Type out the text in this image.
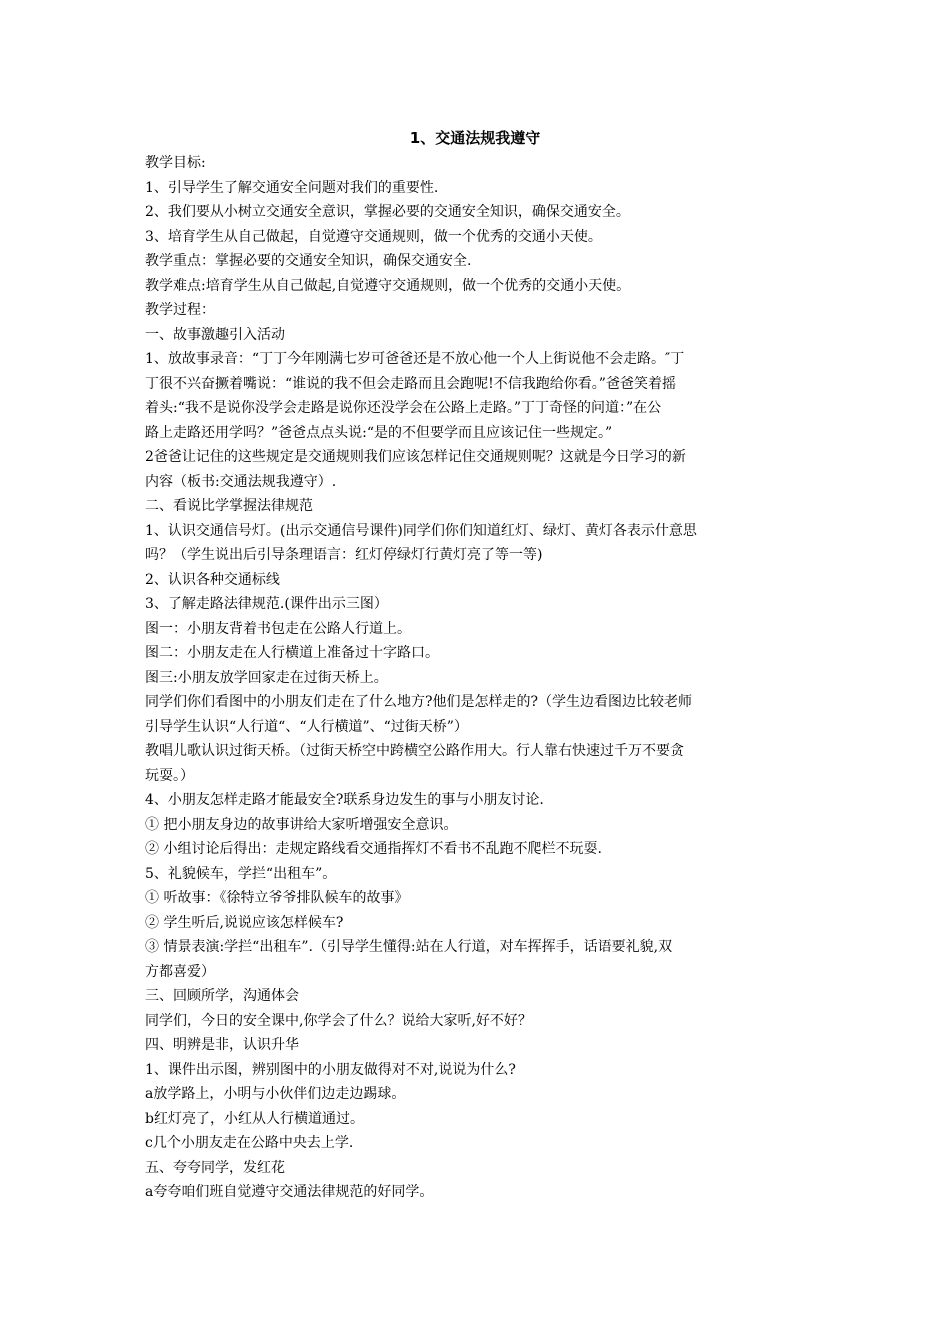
1、交通法规我遵守

教学目标:

1、引导学生了解交通安全问题对我们的重要性.

2、我们要从小树立交通安全意识，掌握必要的交通安全知识，确保交通安全。

3、培育学生从自己做起，自觉遵守交通规则，做一个优秀的交通小天使。

教学重点：掌握必要的交通安全知识，确保交通安全.

教学难点:培育学生从自己做起,自觉遵守交通规则，做一个优秀的交通小天使。

教学过程：

一、故事激趣引入活动

1、放故事录音：“丁丁今年刚满七岁可爸爸还是不放心他一个人上街说他不会走路。″丁

丁很不兴奋撅着嘴说：“谁说的我不但会走路而且会跑呢!不信我跑给你看。”爸爸笑着摇

着头:“我不是说你没学会走路是说你还没学会在公路上走路。”丁丁奇怪的问道：”在公

路上走路还用学吗？”爸爸点点头说:“是的不但要学而且应该记住一些规定。”

2爸爸让记住的这些规定是交通规则我们应该怎样记住交通规则呢？这就是今日学习的新

内容（板书:交通法规我遵守）.

二、看说比学掌握法律规范

1、认识交通信号灯。(出示交通信号课件)同学们你们知道红灯、绿灯、黄灯各表示什意思

吗？（学生说出后引导条理语言：红灯停绿灯行黄灯亮了等一等)

2、认识各种交通标线

3、了解走路法律规范.(课件出示三图）

图一：小朋友背着书包走在公路人行道上。

图二：小朋友走在人行横道上准备过十字路口。

图三:小朋友放学回家走在过街天桥上。

同学们你们看图中的小朋友们走在了什么地方?他们是怎样走的?（学生边看图边比较老师

引导学生认识“人行道“、“人行横道”、“过街天桥”）

教唱儿歌认识过街天桥。（过街天桥空中跨横空公路作用大。行人靠右快速过千万不要贪

玩耍。）

4、小朋友怎样走路才能最安全?联系身边发生的事与小朋友讨论.

① 把小朋友身边的故事讲给大家听增强安全意识。

② 小组讨论后得出：走规定路线看交通指挥灯不看书不乱跑不爬栏不玩耍.

5、礼貌候车，学拦“出租车”。

① 听故事：《徐特立爷爷排队候车的故事》

② 学生听后,说说应该怎样候车?

③ 情景表演:学拦“出租车”.（引导学生懂得:站在人行道，对车挥挥手，话语要礼貌,双

方都喜爱）

三、回顾所学，沟通体会

同学们，今日的安全课中,你学会了什么？说给大家听,好不好？

四、明辨是非，认识升华

1、课件出示图，辨别图中的小朋友做得对不对,说说为什么?

a放学路上，小明与小伙伴们边走边踢球。

b红灯亮了，小红从人行横道通过。

c几个小朋友走在公路中央去上学.

五、夸夸同学，发红花

a夸夸咱们班自觉遵守交通法律规范的好同学。
